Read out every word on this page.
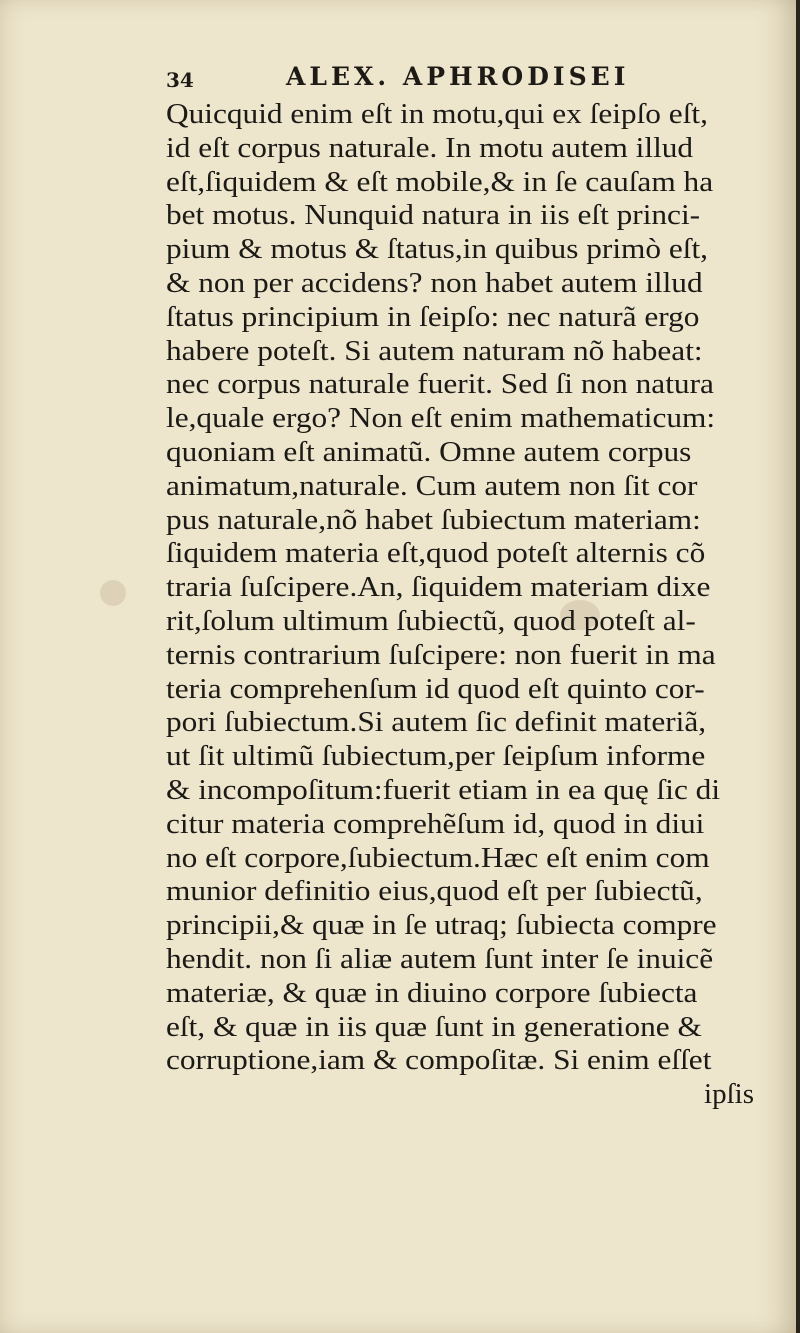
34	ALEX. APHRODISEI
Quicquid enim eſt in motu,qui ex ſeipſo eſt,
id eſt corpus naturale. In motu autem illud
eſt,ſiquidem & eſt mobile,& in ſe cauſam ha
bet motus. Nunquid natura in iis eſt princi-
pium & motus & ſtatus,in quibus primò eſt,
& non per accidens? non habet autem illud
ſtatus principium in ſeipſo: nec naturã ergo
habere poteſt. Si autem naturam nõ habeat:
nec corpus naturale fuerit. Sed ſi non natura
le,quale ergo? Non eſt enim mathematicum:
quoniam eſt animatũ. Omne autem corpus
animatum,naturale. Cum autem non ſit cor
pus naturale,nõ habet ſubiectum materiam:
ſiquidem materia eſt,quod poteſt alternis cõ
traria ſuſcipere.An, ſiquidem materiam dixe
rit,ſolum ultimum ſubiectũ, quod poteſt al-
ternis contrarium ſuſcipere: non fuerit in ma
teria comprehenſum id quod eſt quinto cor-
pori ſubiectum.Si autem ſic definit materiã,
ut ſit ultimũ ſubiectum,per ſeipſum informe
& incompoſitum:fuerit etiam in ea quę ſic di
citur materia comprehẽſum id, quod in diui
no eſt corpore,ſubiectum.Hæc eſt enim com
munior definitio eius,quod eſt per ſubiectũ,
principii,& quæ in ſe utraq; ſubiecta compre
hendit. non ſi aliæ autem ſunt inter ſe inuicẽ
materiæ, & quæ in diuino corpore ſubiecta
eſt, & quæ in iis quæ ſunt in generatione &
corruptione,iam & compoſitæ. Si enim eſſet
ipſis
